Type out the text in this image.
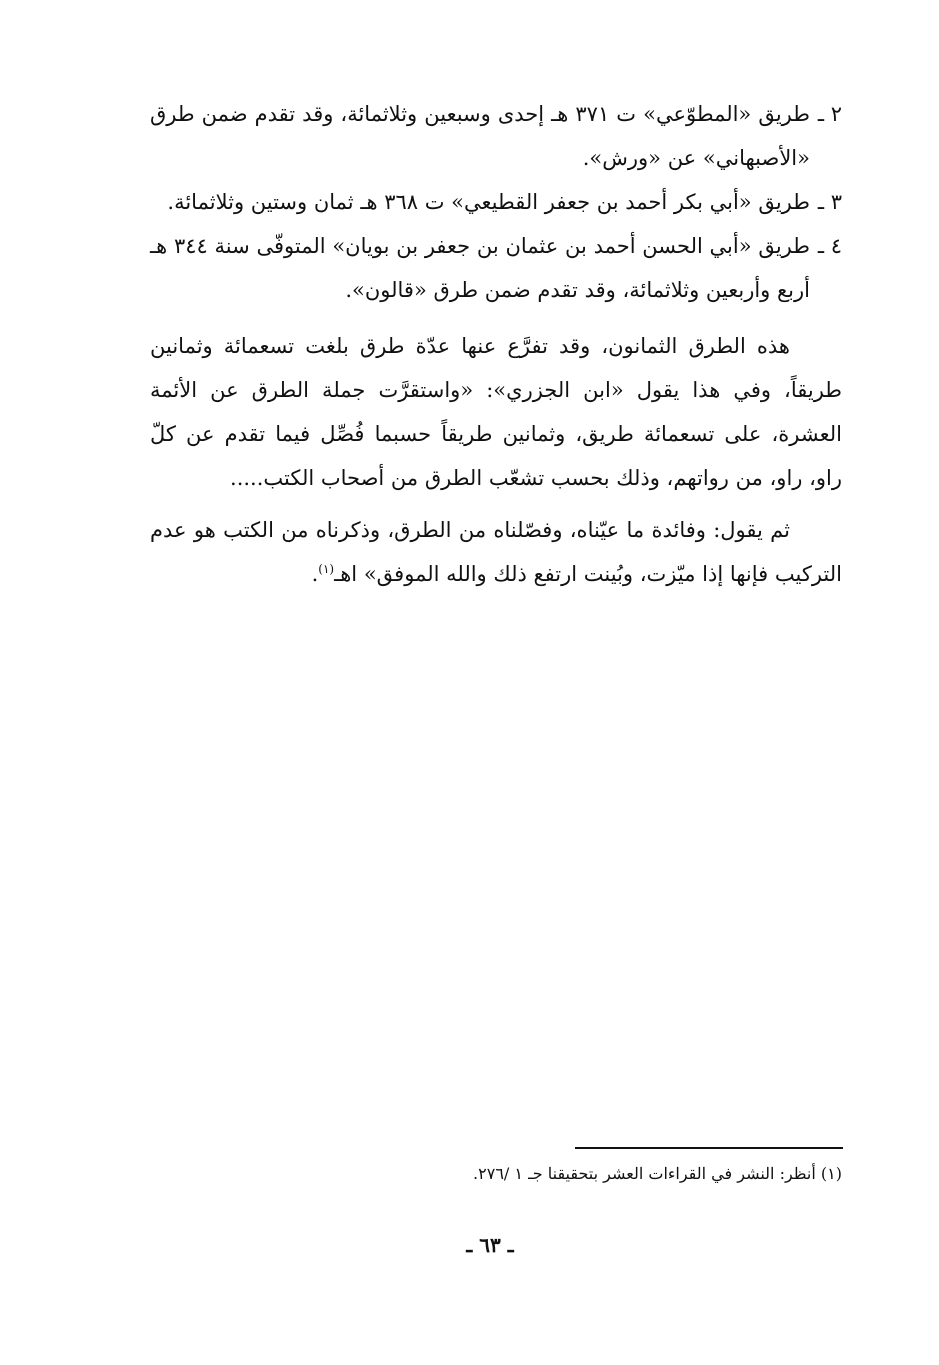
٢ ـ
طريق «المطوّعي» ت ٣٧١ هـ إحدى وسبعين وثلاثمائة، وقد تقدم ضمن طرق «الأصبهاني» عن «ورش».

٣ ـ
طريق «أبي بكر أحمد بن جعفر القطيعي» ت ٣٦٨ هـ ثمان وستين وثلاثمائة.

٤ ـ
طريق «أبي الحسن أحمد بن عثمان بن جعفر بن بويان» المتوفّى سنة ٣٤٤ هـ أربع وأربعين وثلاثمائة، وقد تقدم ضمن طرق «قالون».

هذه الطرق الثمانون، وقد تفرَّع عنها عدّة طرق بلغت تسعمائة وثمانين طريقاً، وفي هذا يقول «ابن الجزري»: «واستقرَّت جملة الطرق عن الأئمة العشرة، على تسعمائة طريق، وثمانين طريقاً حسبما فُصِّل فيما تقدم عن كلّ راو، راو، من رواتهم، وذلك بحسب تشعّب الطرق من أصحاب الكتب.....

ثم يقول: وفائدة ما عيّناه، وفصّلناه من الطرق، وذكرناه من الكتب هو عدم التركيب فإنها إذا ميّزت، وبُينت ارتفع ذلك والله الموفق» اهـ$^{(١)}$.

(١) أنظر: النشر في القراءات العشر بتحقيقنا جـ ١ /٢٧٦.
ـ ٦٣ ـ
